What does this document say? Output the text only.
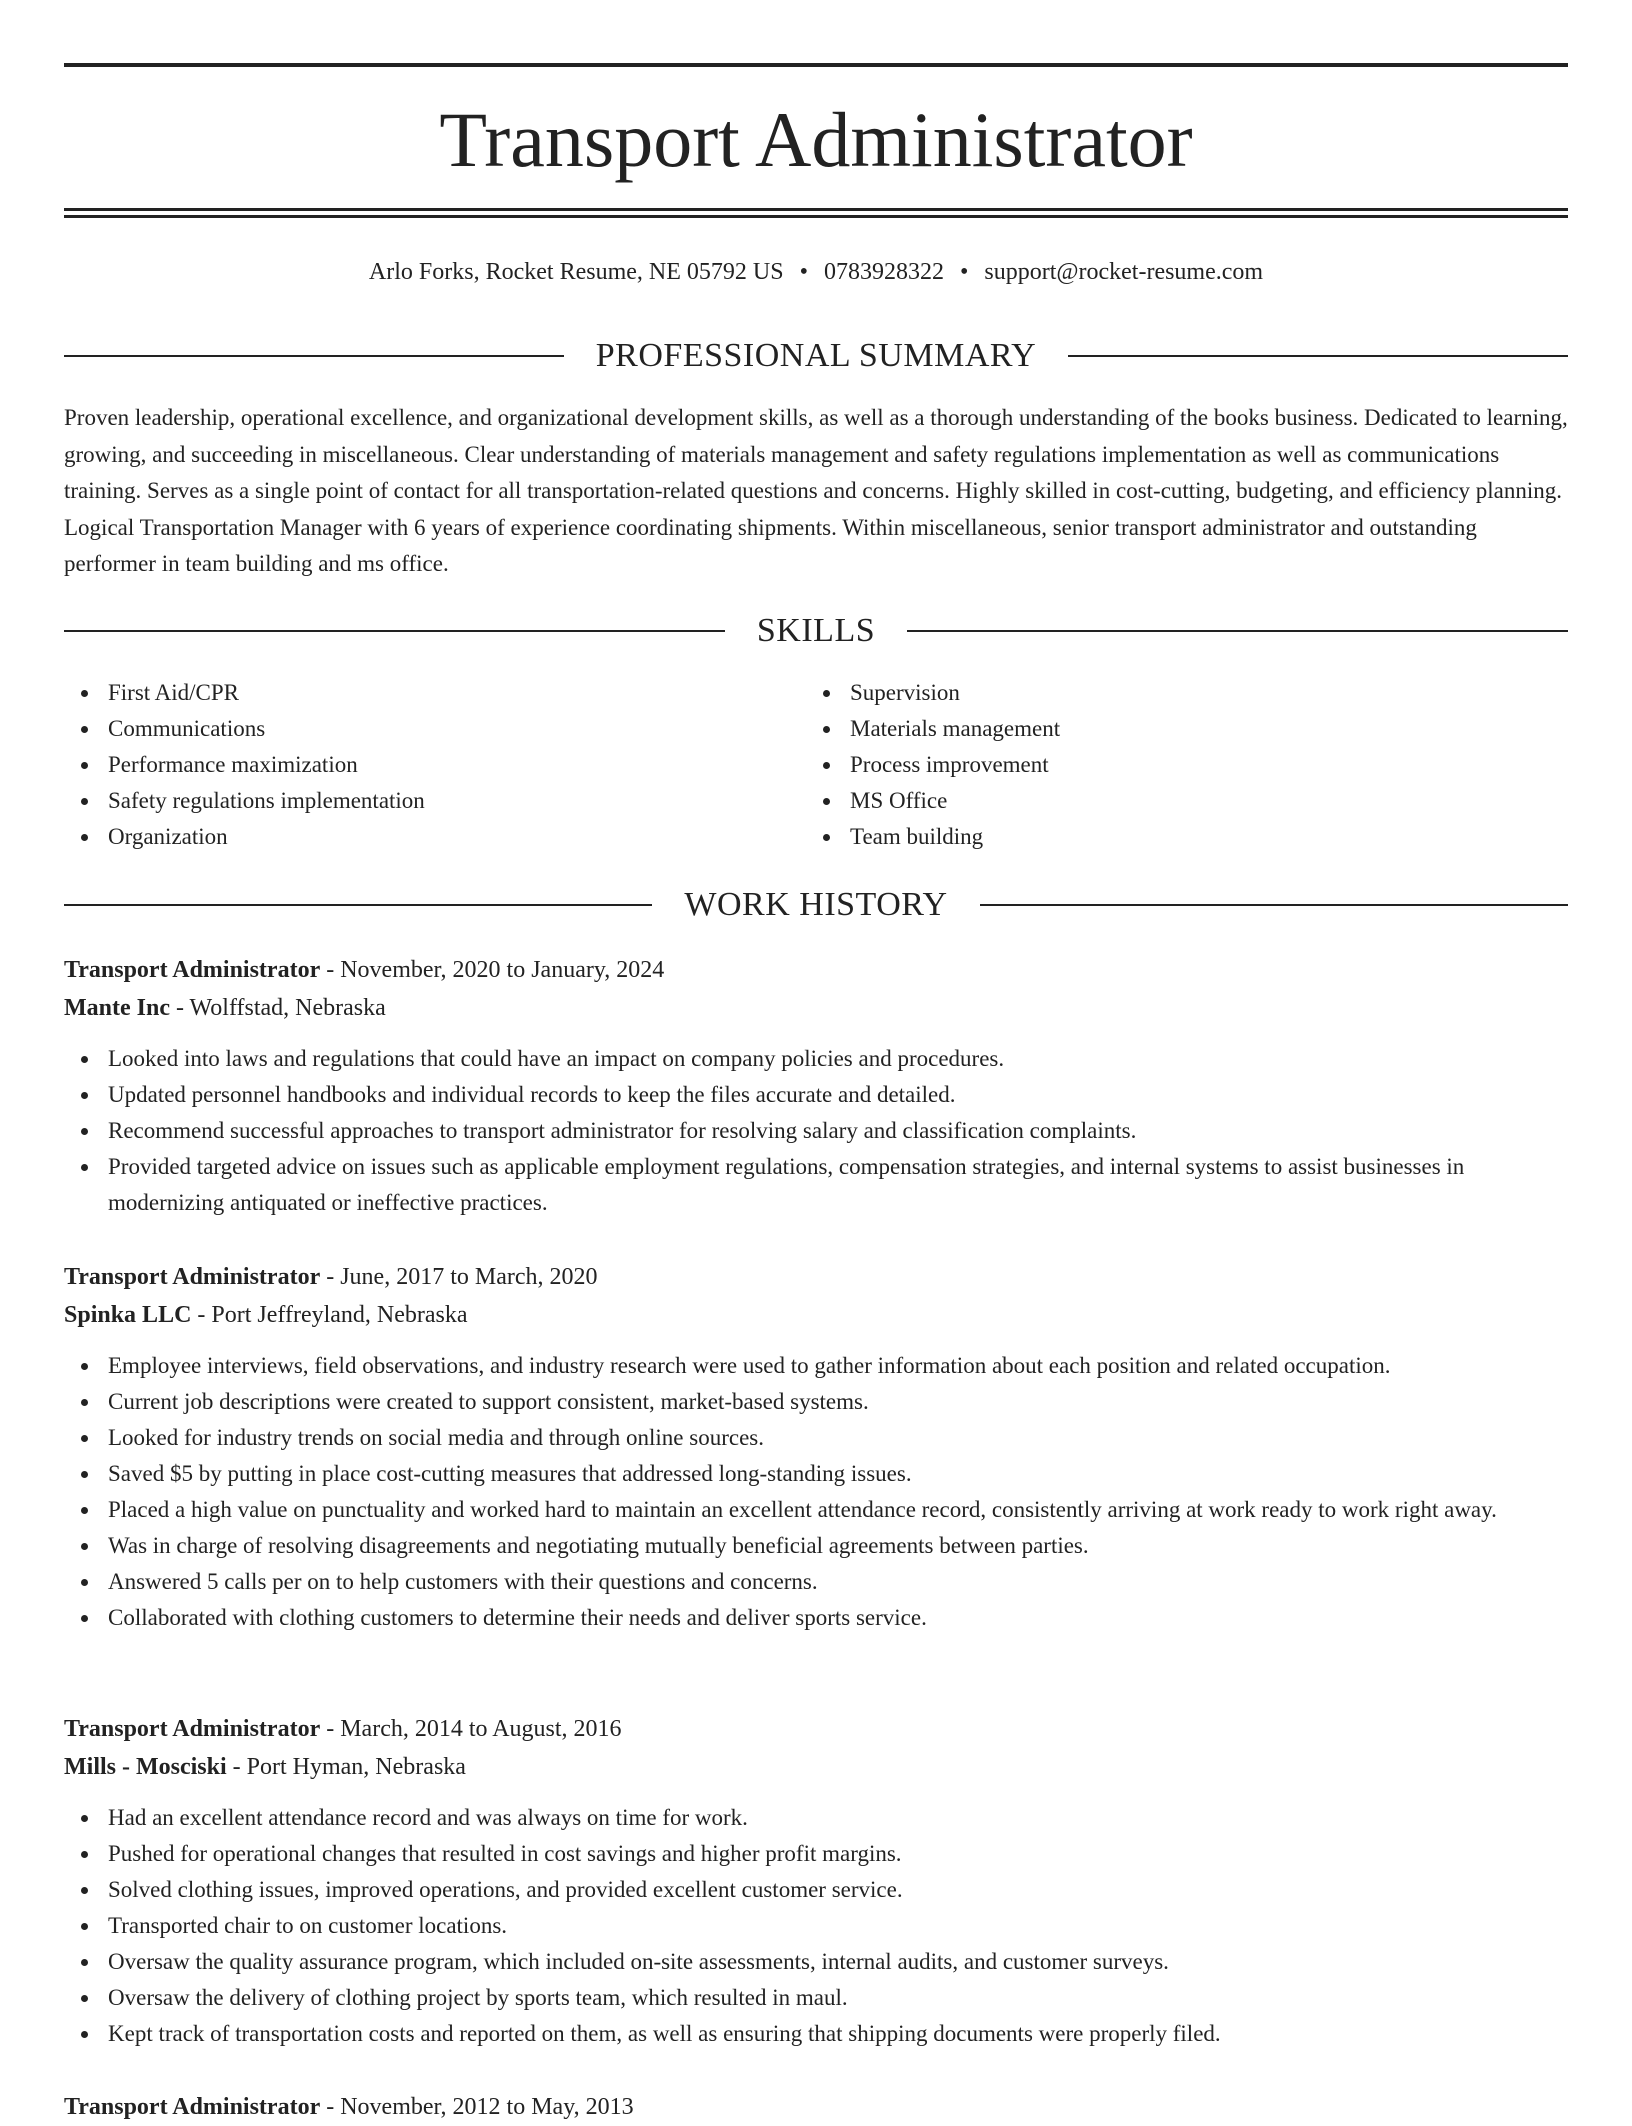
Transport Administrator
Arlo Forks, Rocket Resume, NE 05792 US • 0783928322 • support@rocket-resume.com
PROFESSIONAL SUMMARY

Proven leadership, operational excellence, and organizational development skills, as well as a thorough understanding of the books business. Dedicated to learning, growing, and succeeding in miscellaneous. Clear understanding of materials management and safety regulations implementation as well as communications training. Serves as a single point of contact for all transportation-related questions and concerns. Highly skilled in cost-cutting, budgeting, and efficiency planning. Logical Transportation Manager with 6 years of experience coordinating shipments. Within miscellaneous, senior transport administrator and outstanding performer in team building and ms office.

SKILLS
First Aid/CPR
Communications
Performance maximization
Safety regulations implementation
Organization
Supervision
Materials management
Process improvement
MS Office
Team building
WORK HISTORY

Transport Administrator - November, 2020 to January, 2024

Mante Inc - Wolffstad, Nebraska

Looked into laws and regulations that could have an impact on company policies and procedures.
Updated personnel handbooks and individual records to keep the files accurate and detailed.
Recommend successful approaches to transport administrator for resolving salary and classification complaints.
Provided targeted advice on issues such as applicable employment regulations, compensation strategies, and internal systems to assist businesses in modernizing antiquated or ineffective practices.

Transport Administrator - June, 2017 to March, 2020

Spinka LLC - Port Jeffreyland, Nebraska

Employee interviews, field observations, and industry research were used to gather information about each position and related occupation.
Current job descriptions were created to support consistent, market-based systems.
Looked for industry trends on social media and through online sources.
Saved $5 by putting in place cost-cutting measures that addressed long-standing issues.
Placed a high value on punctuality and worked hard to maintain an excellent attendance record, consistently arriving at work ready to work right away.
Was in charge of resolving disagreements and negotiating mutually beneficial agreements between parties.
Answered 5 calls per on to help customers with their questions and concerns.
Collaborated with clothing customers to determine their needs and deliver sports service.

Transport Administrator - March, 2014 to August, 2016

Mills - Mosciski - Port Hyman, Nebraska

Had an excellent attendance record and was always on time for work.
Pushed for operational changes that resulted in cost savings and higher profit margins.
Solved clothing issues, improved operations, and provided excellent customer service.
Transported chair to on customer locations.
Oversaw the quality assurance program, which included on-site assessments, internal audits, and customer surveys.
Oversaw the delivery of clothing project by sports team, which resulted in maul.
Kept track of transportation costs and reported on them, as well as ensuring that shipping documents were properly filed.

Transport Administrator - November, 2012 to May, 2013
